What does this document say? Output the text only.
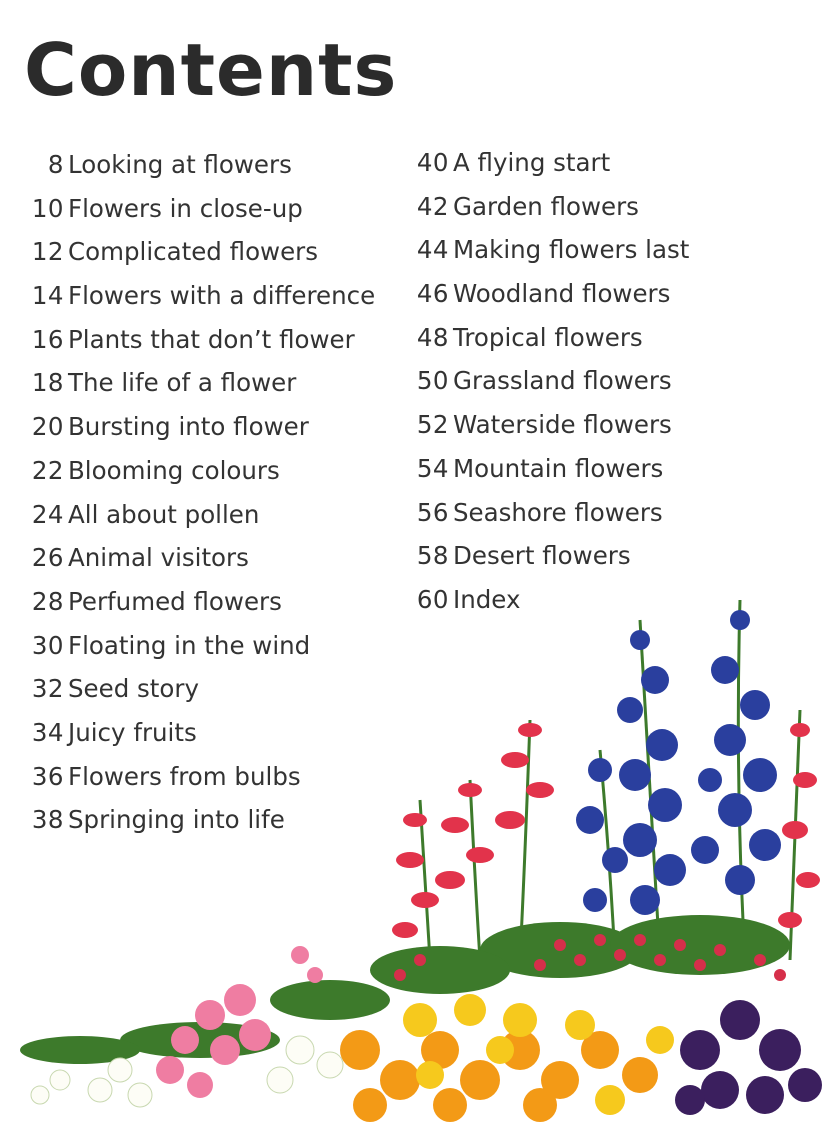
Contents
8 Looking at flowers
10 Flowers in close-up
12 Complicated flowers
14 Flowers with a difference
16 Plants that don’t flower
18 The life of a flower
20 Bursting into flower
22 Blooming colours
24 All about pollen
26 Animal visitors
28 Perfumed flowers
30 Floating in the wind
32 Seed story
34 Juicy fruits
36 Flowers from bulbs
38 Springing into life
40 A flying start
42 Garden flowers
44 Making flowers last
46 Woodland flowers
48 Tropical flowers
50 Grassland flowers
52 Waterside flowers
54 Mountain flowers
56 Seashore flowers
58 Desert flowers
60 Index
